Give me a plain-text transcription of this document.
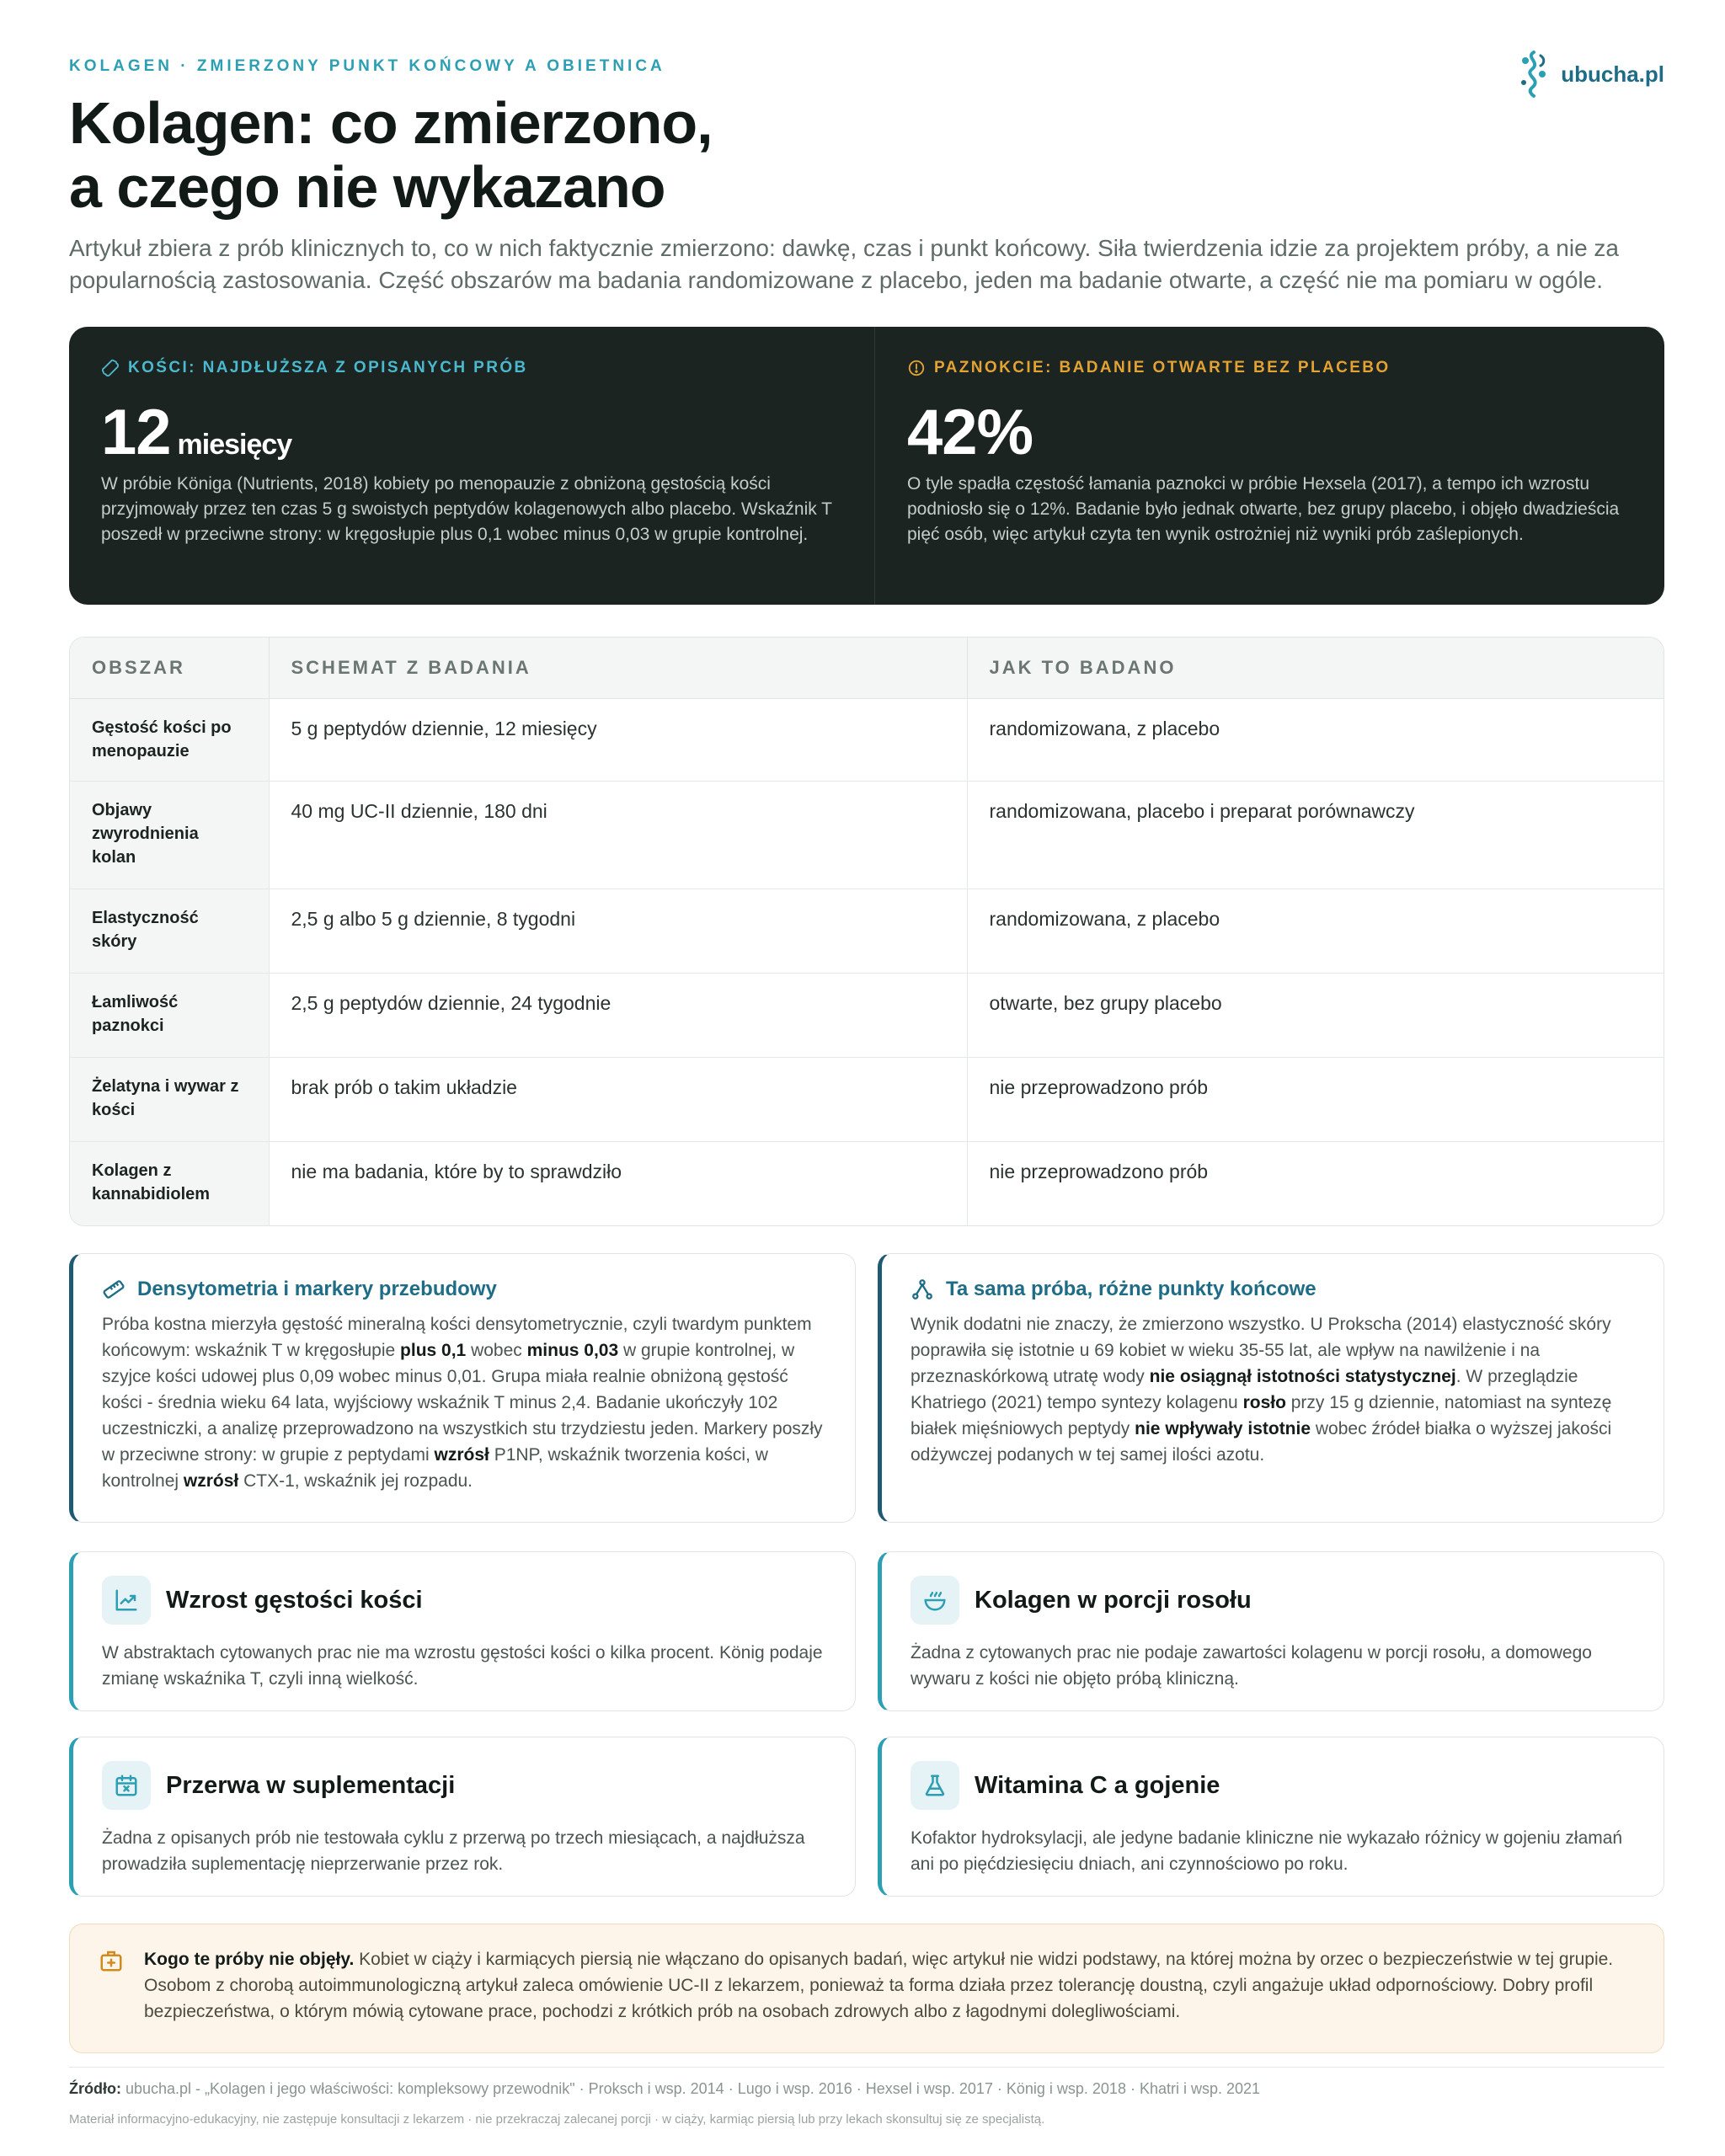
KOLAGEN · ZMIERZONY PUNKT KOŃCOWY A OBIETNICA	ubucha.pl
Kolagen: co zmierzono,
a czego nie wykazano

Artykuł zbiera z prób klinicznych to, co w nich faktycznie zmierzono: dawkę, czas i punkt końcowy. Siła twierdzenia idzie za projektem próby, a nie za popularnością zastosowania. Część obszarów ma badania randomizowane z placebo, jeden ma badanie otwarte, a część nie ma pomiaru w ogóle.

KOŚCI: NAJDŁUŻSZA Z OPISANYCH PRÓB
12 miesięcy

W próbie Königa (Nutrients, 2018) kobiety po menopauzie z obniżoną gęstością kości przyjmowały przez ten czas 5 g swoistych peptydów kolagenowych albo placebo. Wskaźnik T poszedł w przeciwne strony: w kręgosłupie plus 0,1 wobec minus 0,03 w grupie kontrolnej.

PAZNOKCIE: BADANIE OTWARTE BEZ PLACEBO
42%

O tyle spadła częstość łamania paznokci w próbie Hexsela (2017), a tempo ich wzrostu podniosło się o 12%. Badanie było jednak otwarte, bez grupy placebo, i objęło dwadzieścia pięć osób, więc artykuł czyta ten wynik ostrożniej niż wyniki prób zaślepionych.

OBSZAR	SCHEMAT Z BADANIA	JAK TO BADANO
Gęstość kości po menopauzie	5 g peptydów dziennie, 12 miesięcy	randomizowana, z placebo
Objawy zwyrodnienia kolan	40 mg UC-II dziennie, 180 dni	randomizowana, placebo i preparat porównawczy
Elastyczność skóry	2,5 g albo 5 g dziennie, 8 tygodni	randomizowana, z placebo
Łamliwość paznokci	2,5 g peptydów dziennie, 24 tygodnie	otwarte, bez grupy placebo
Żelatyna i wywar z kości	brak prób o takim układzie	nie przeprowadzono prób
Kolagen z kannabidiolem	nie ma badania, które by to sprawdziło	nie przeprowadzono prób
Densytometria i markery przebudowy

Próba kostna mierzyła gęstość mineralną kości densytometrycznie, czyli twardym punktem końcowym: wskaźnik T w kręgosłupie plus 0,1 wobec minus 0,03 w grupie kontrolnej, w szyjce kości udowej plus 0,09 wobec minus 0,01. Grupa miała realnie obniżoną gęstość kości - średnia wieku 64 lata, wyjściowy wskaźnik T minus 2,4. Badanie ukończyły 102 uczestniczki, a analizę przeprowadzono na wszystkich stu trzydziestu jeden. Markery poszły w przeciwne strony: w grupie z peptydami wzrósł P1NP, wskaźnik tworzenia kości, w kontrolnej wzrósł CTX-1, wskaźnik jej rozpadu.

Ta sama próba, różne punkty końcowe

Wynik dodatni nie znaczy, że zmierzono wszystko. U Prokscha (2014) elastyczność skóry poprawiła się istotnie u 69 kobiet w wieku 35-55 lat, ale wpływ na nawilżenie i na przeznaskórkową utratę wody nie osiągnął istotności statystycznej. W przeglądzie Khatriego (2021) tempo syntezy kolagenu rosło przy 15 g dziennie, natomiast na syntezę białek mięśniowych peptydy nie wpływały istotnie wobec źródeł białka o wyższej jakości odżywczej podanych w tej samej ilości azotu.

Wzrost gęstości kości

W abstraktach cytowanych prac nie ma wzrostu gęstości kości o kilka procent. König podaje zmianę wskaźnika T, czyli inną wielkość.

Kolagen w porcji rosołu

Żadna z cytowanych prac nie podaje zawartości kolagenu w porcji rosołu, a domowego wywaru z kości nie objęto próbą kliniczną.

Przerwa w suplementacji

Żadna z opisanych prób nie testowała cyklu z przerwą po trzech miesiącach, a najdłuższa prowadziła suplementację nieprzerwanie przez rok.

Witamina C a gojenie

Kofaktor hydroksylacji, ale jedyne badanie kliniczne nie wykazało różnicy w gojeniu złamań ani po pięćdziesięciu dniach, ani czynnościowo po roku.

Kogo te próby nie objęły. Kobiet w ciąży i karmiących piersią nie włączano do opisanych badań, więc artykuł nie widzi podstawy, na której można by orzec o bezpieczeństwie w tej grupie. Osobom z chorobą autoimmunologiczną artykuł zaleca omówienie UC-II z lekarzem, ponieważ ta forma działa przez tolerancję doustną, czyli angażuje układ odpornościowy. Dobry profil bezpieczeństwa, o którym mówią cytowane prace, pochodzi z krótkich prób na osobach zdrowych albo z łagodnymi dolegliwościami.

Źródło: ubucha.pl - „Kolagen i jego właściwości: kompleksowy przewodnik" · Proksch i wsp. 2014 · Lugo i wsp. 2016 · Hexsel i wsp. 2017 · König i wsp. 2018 · Khatri i wsp. 2021

Materiał informacyjno-edukacyjny, nie zastępuje konsultacji z lekarzem · nie przekraczaj zalecanej porcji · w ciąży, karmiąc piersią lub przy lekach skonsultuj się ze specjalistą.
